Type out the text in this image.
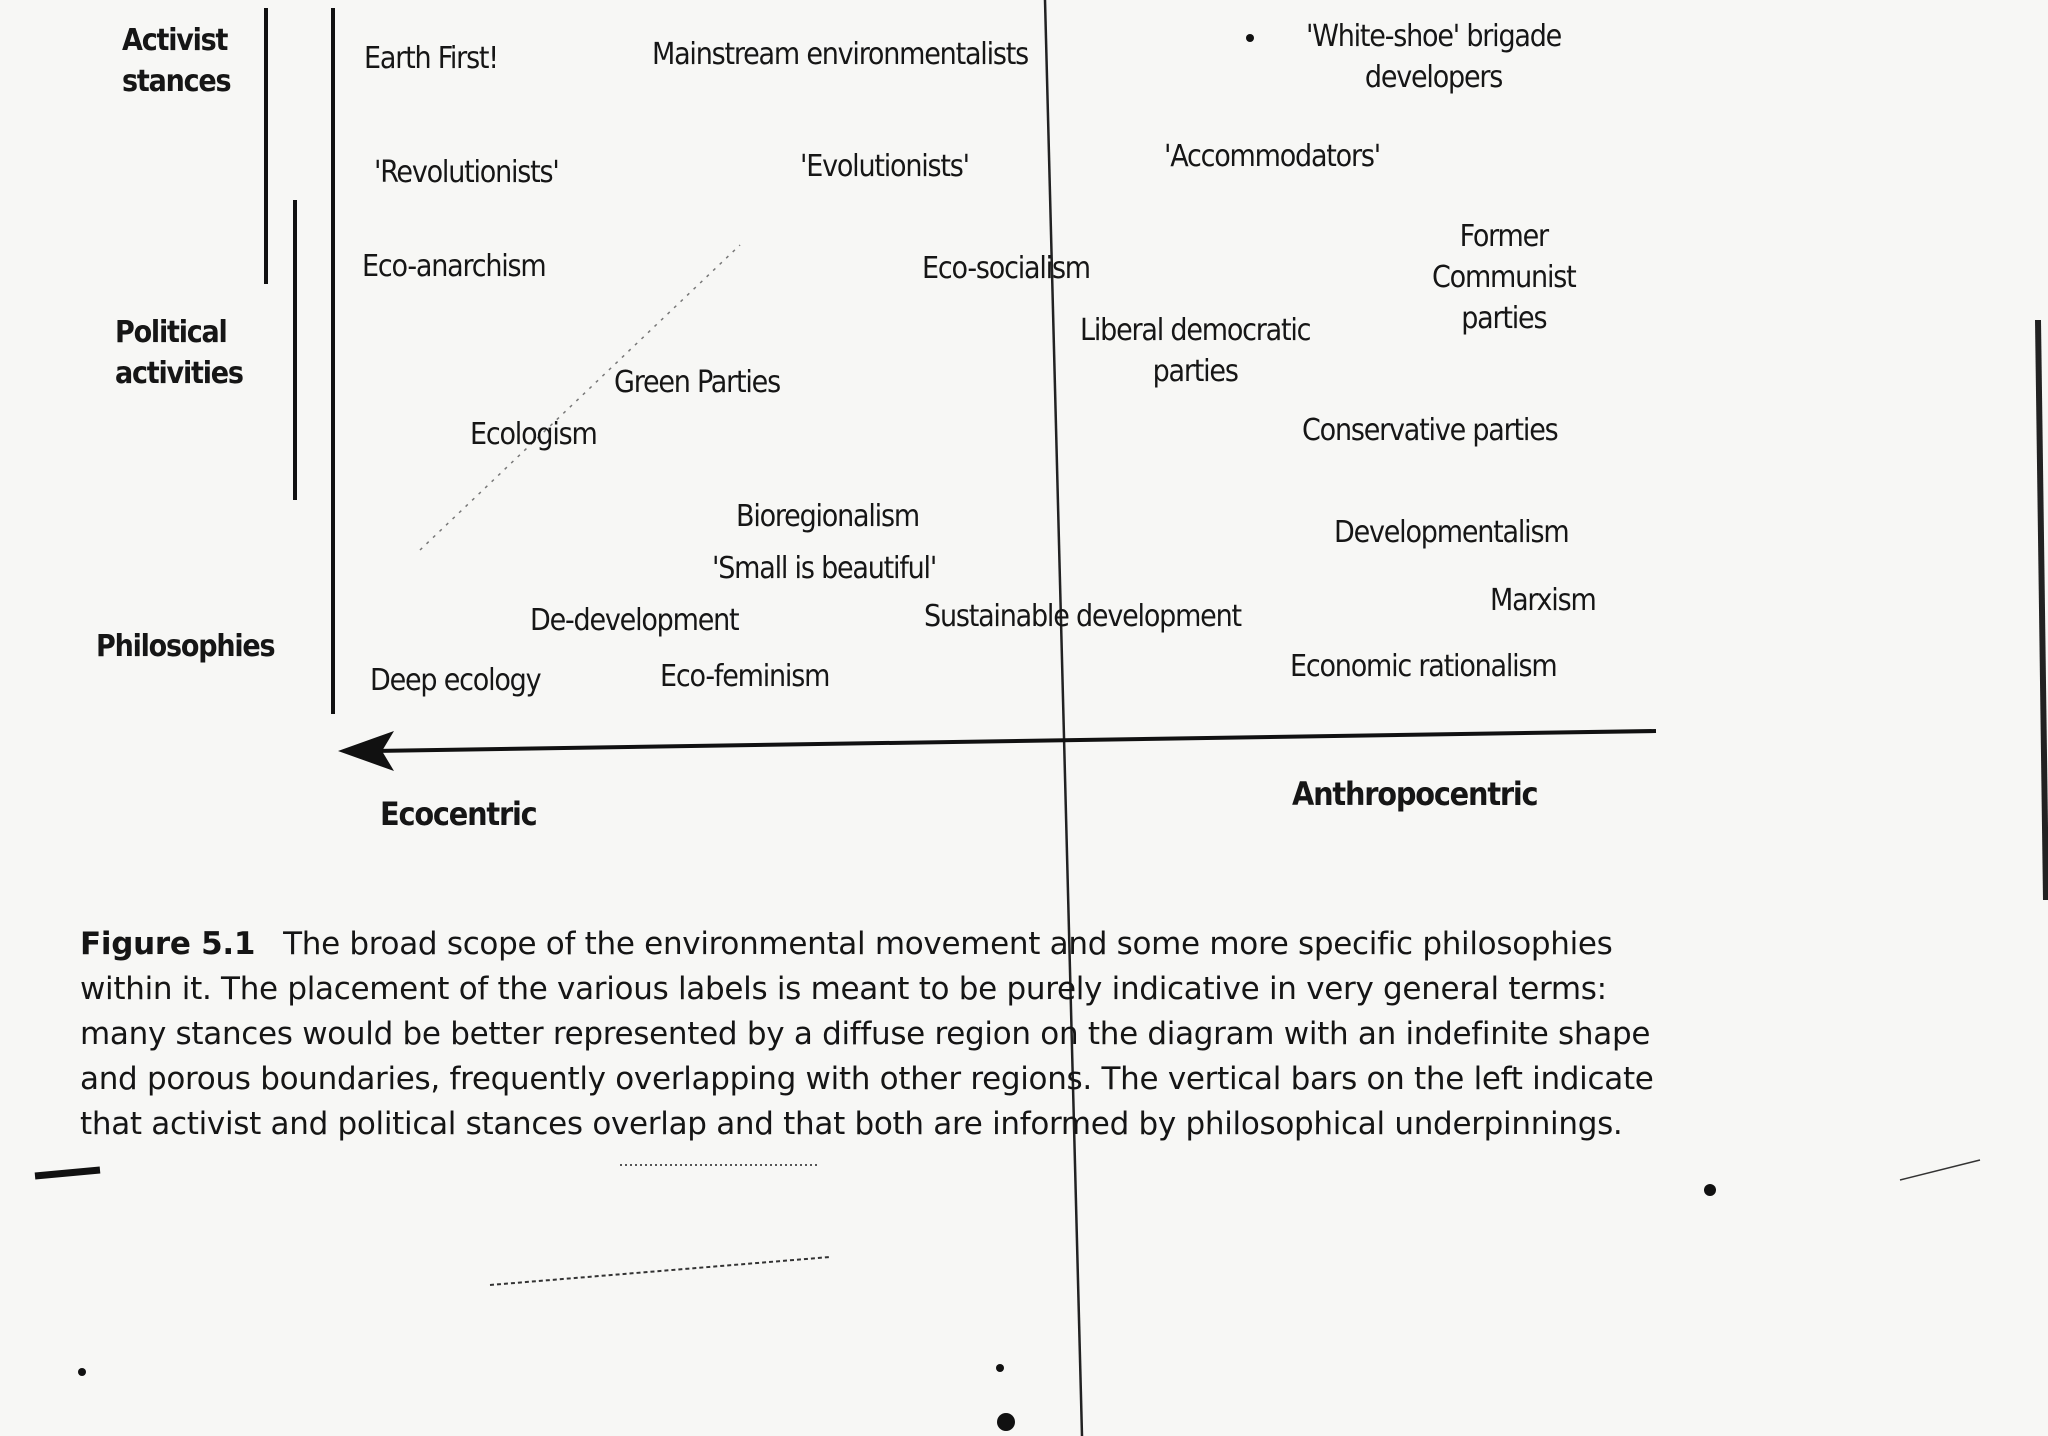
Activist
stances
Political
activities
Philosophies
Earth First!	Mainstream environmentalists
'White-shoe' brigade
developers
'Revolutionists'	'Evolutionists'	'Accommodators'
Eco-anarchism	Eco-socialism
Former
Communist
parties
Liberal democratic
parties
Green Parties
Ecologism	Conservative parties
Bioregionalism
'Small is beautiful'
Developmentalism
De-development	Sustainable development	Marxism
Deep ecology	Eco-feminism	Economic rationalism
Ecocentric
Anthropocentric
Figure 5.1 The broad scope of the environmental movement and some more specific philosophies
within it. The placement of the various labels is meant to be purely indicative in very general terms:
many stances would be better represented by a diffuse region on the diagram with an indefinite shape
and porous boundaries, frequently overlapping with other regions. The vertical bars on the left indicate
that activist and political stances overlap and that both are informed by philosophical underpinnings.
